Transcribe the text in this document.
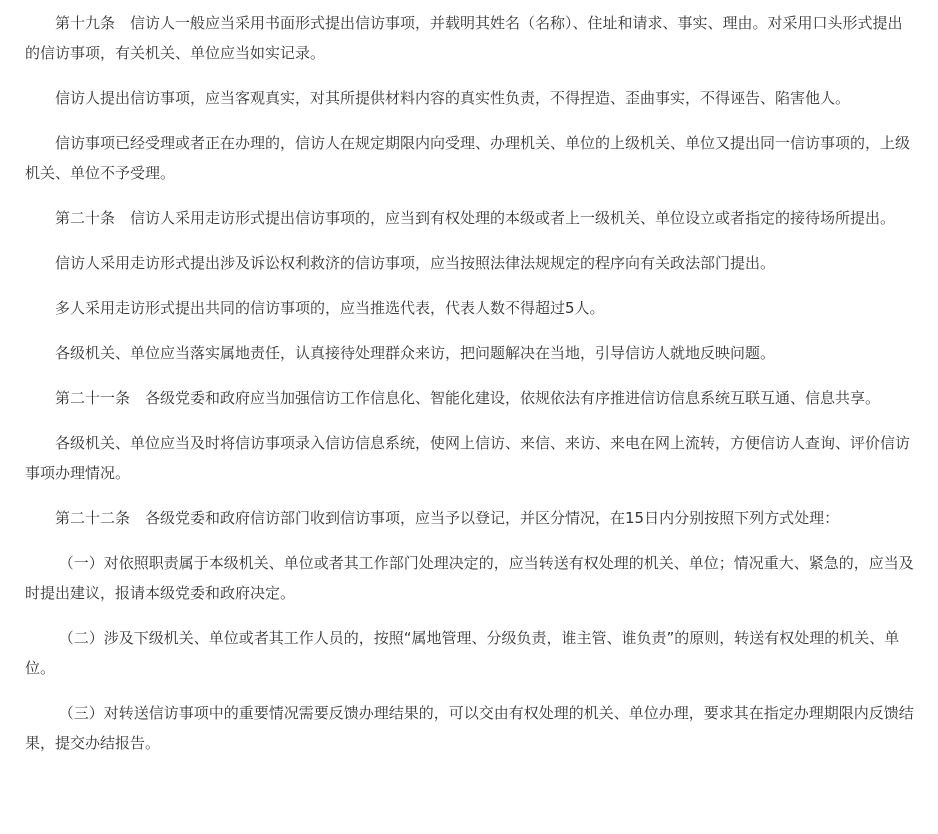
第十九条　信访人一般应当采用书面形式提出信访事项，并载明其姓名（名称）、住址和请求、事实、理由。对采用口头形式提出的信访事项，有关机关、单位应当如实记录。

信访人提出信访事项，应当客观真实，对其所提供材料内容的真实性负责，不得捏造、歪曲事实，不得诬告、陷害他人。

信访事项已经受理或者正在办理的，信访人在规定期限内向受理、办理机关、单位的上级机关、单位又提出同一信访事项的，上级机关、单位不予受理。

第二十条　信访人采用走访形式提出信访事项的，应当到有权处理的本级或者上一级机关、单位设立或者指定的接待场所提出。

信访人采用走访形式提出涉及诉讼权利救济的信访事项，应当按照法律法规规定的程序向有关政法部门提出。

多人采用走访形式提出共同的信访事项的，应当推选代表，代表人数不得超过5人。

各级机关、单位应当落实属地责任，认真接待处理群众来访，把问题解决在当地，引导信访人就地反映问题。

第二十一条　各级党委和政府应当加强信访工作信息化、智能化建设，依规依法有序推进信访信息系统互联互通、信息共享。

各级机关、单位应当及时将信访事项录入信访信息系统，使网上信访、来信、来访、来电在网上流转，方便信访人查询、评价信访事项办理情况。

第二十二条　各级党委和政府信访部门收到信访事项，应当予以登记，并区分情况，在15日内分别按照下列方式处理：

（一）对依照职责属于本级机关、单位或者其工作部门处理决定的，应当转送有权处理的机关、单位；情况重大、紧急的，应当及时提出建议，报请本级党委和政府决定。

（二）涉及下级机关、单位或者其工作人员的，按照“属地管理、分级负责，谁主管、谁负责”的原则，转送有权处理的机关、单位。

（三）对转送信访事项中的重要情况需要反馈办理结果的，可以交由有权处理的机关、单位办理，要求其在指定办理期限内反馈结果，提交办结报告。
